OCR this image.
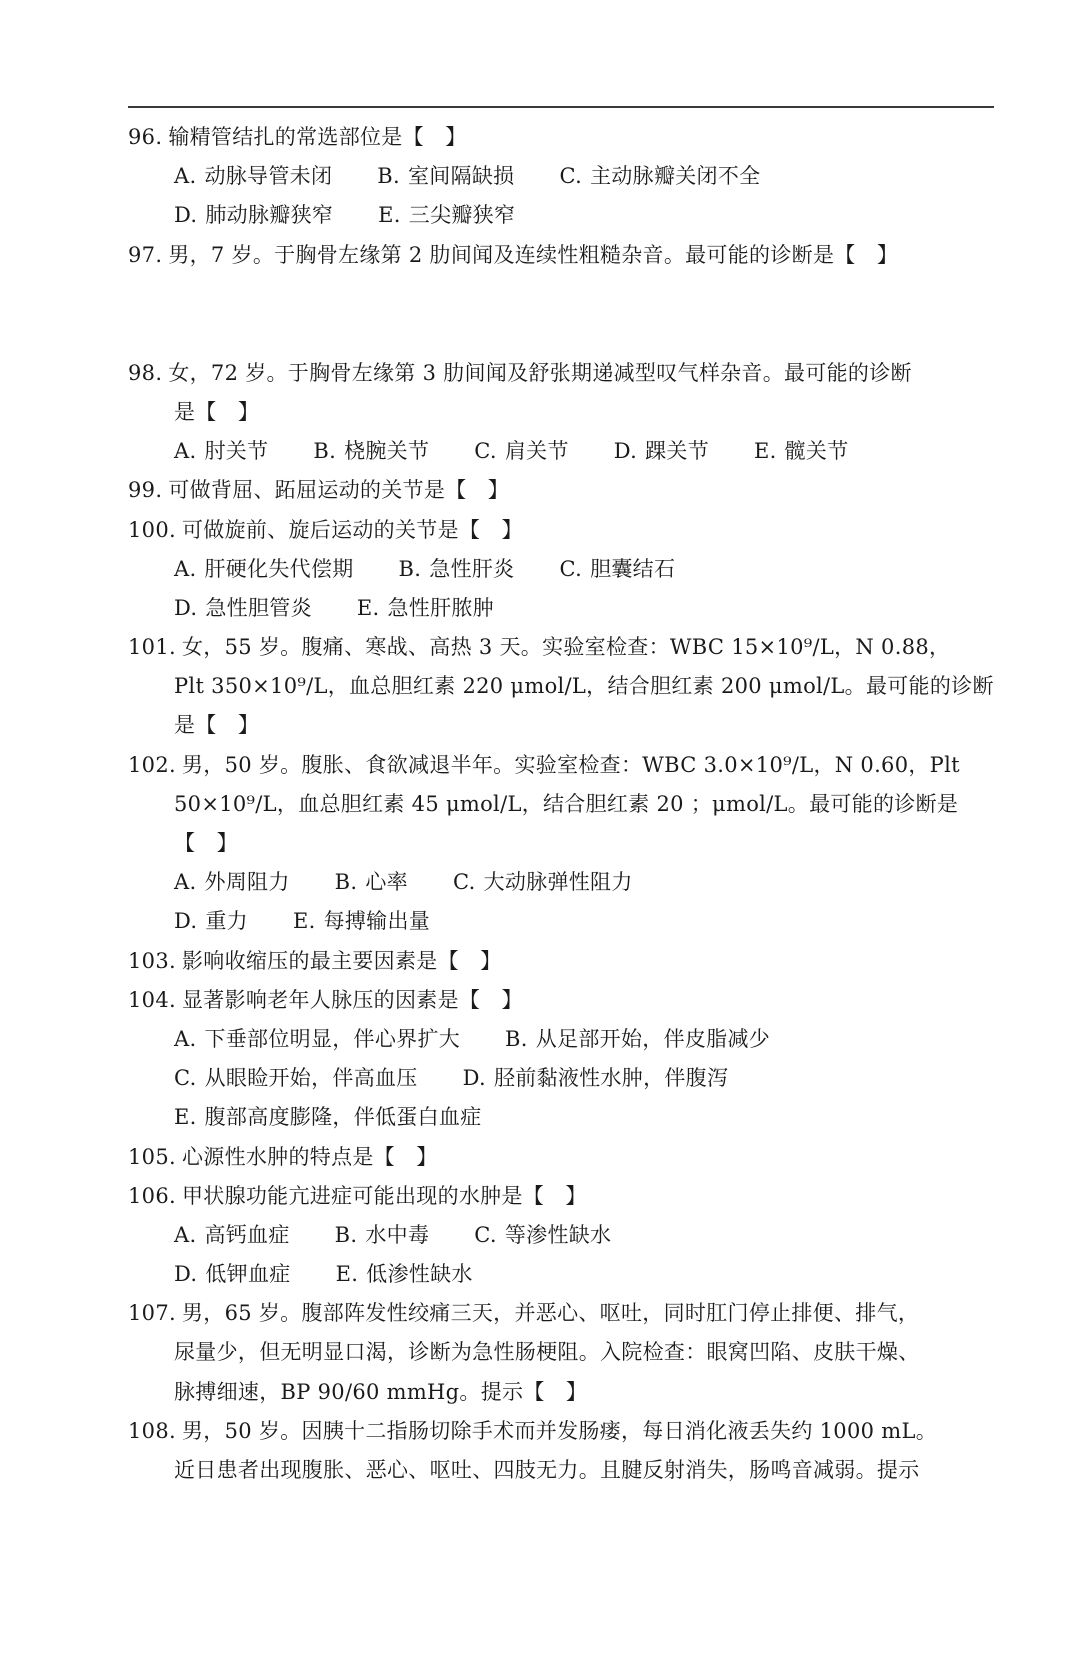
96. 输精管结扎的常选部位是【　】
A. 动脉导管未闭 B. 室间隔缺损 C. 主动脉瓣关闭不全
D. 肺动脉瓣狭窄 E. 三尖瓣狭窄
97. 男，7 岁。于胸骨左缘第 2 肋间闻及连续性粗糙杂音。最可能的诊断是【　】
98. 女，72 岁。于胸骨左缘第 3 肋间闻及舒张期递减型叹气样杂音。最可能的诊断
是【　】
A. 肘关节 B. 桡腕关节 C. 肩关节 D. 踝关节 E. 髋关节
99. 可做背屈、跖屈运动的关节是【　】
100. 可做旋前、旋后运动的关节是【　】
A. 肝硬化失代偿期 B. 急性肝炎 C. 胆囊结石
D. 急性胆管炎 E. 急性肝脓肿
101. 女，55 岁。腹痛、寒战、高热 3 天。实验室检查：WBC 15×10⁹/L，N 0.88，
Plt 350×10⁹/L，血总胆红素 220 μmol/L，结合胆红素 200 μmol/L。最可能的诊断
是【　】
102. 男，50 岁。腹胀、食欲减退半年。实验室检查：WBC 3.0×10⁹/L，N 0.60，Plt
50×10⁹/L，血总胆红素 45 μmol/L，结合胆红素 20 ；μmol/L。最可能的诊断是
【　】
A. 外周阻力 B. 心率 C. 大动脉弹性阻力
D. 重力 E. 每搏输出量
103. 影响收缩压的最主要因素是【　】
104. 显著影响老年人脉压的因素是【　】
A. 下垂部位明显，伴心界扩大 B. 从足部开始，伴皮脂减少
C. 从眼睑开始，伴高血压 D. 胫前黏液性水肿，伴腹泻
E. 腹部高度膨隆，伴低蛋白血症
105. 心源性水肿的特点是【　】
106. 甲状腺功能亢进症可能出现的水肿是【　】
A. 高钙血症 B. 水中毒 C. 等渗性缺水
D. 低钾血症 E. 低渗性缺水
107. 男，65 岁。腹部阵发性绞痛三天，并恶心、呕吐，同时肛门停止排便、排气，
尿量少，但无明显口渴，诊断为急性肠梗阻。入院检查：眼窝凹陷、皮肤干燥、
脉搏细速，BP 90/60 mmHg。提示【　】
108. 男，50 岁。因胰十二指肠切除手术而并发肠瘘，每日消化液丢失约 1000 mL。
近日患者出现腹胀、恶心、呕吐、四肢无力。且腱反射消失，肠鸣音减弱。提示
